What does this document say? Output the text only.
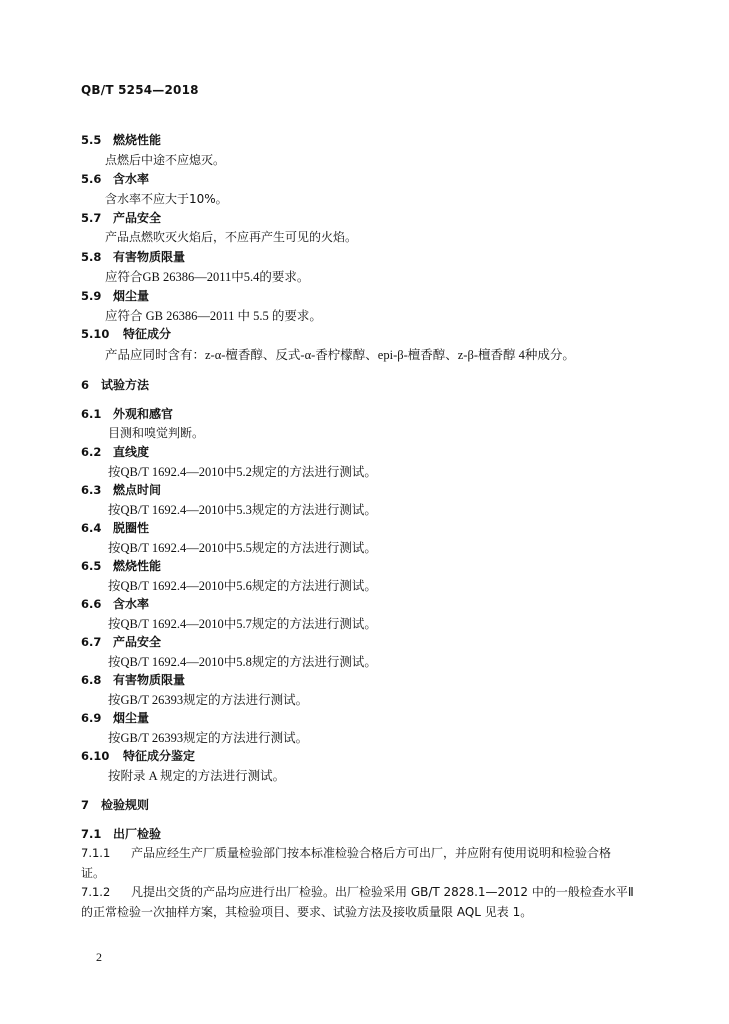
QB/T 5254—2018
5.5 燃烧性能
点燃后中途不应熄灭。
5.6 含水率
含水率不应大于10%。
5.7 产品安全
产品点燃吹灭火焰后，不应再产生可见的火焰。
5.8 有害物质限量
应符合GB 26386—2011中5.4的要求。
5.9 烟尘量
应符合 GB 26386—2011 中 5.5 的要求。
5.10 特征成分
产品应同时含有：z-α-檀香醇、反式-α-香柠檬醇、epi-β-檀香醇、z-β-檀香醇 4种成分。
6 试验方法
6.1 外观和感官
目测和嗅觉判断。
6.2 直线度
按QB/T 1692.4—2010中5.2规定的方法进行测试。
6.3 燃点时间
按QB/T 1692.4—2010中5.3规定的方法进行测试。
6.4 脱圈性
按QB/T 1692.4—2010中5.5规定的方法进行测试。
6.5 燃烧性能
按QB/T 1692.4—2010中5.6规定的方法进行测试。
6.6 含水率
按QB/T 1692.4—2010中5.7规定的方法进行测试。
6.7 产品安全
按QB/T 1692.4—2010中5.8规定的方法进行测试。
6.8 有害物质限量
按GB/T 26393规定的方法进行测试。
6.9 烟尘量
按GB/T 26393规定的方法进行测试。
6.10 特征成分鉴定
按附录 A 规定的方法进行测试。
7 检验规则
7.1 出厂检验
7.1.1 产品应经生产厂质量检验部门按本标准检验合格后方可出厂，并应附有使用说明和检验合格
证。
7.1.2 凡提出交货的产品均应进行出厂检验。出厂检验采用 GB/T 2828.1—2012 中的一般检查水平Ⅱ
的正常检验一次抽样方案，其检验项目、要求、试验方法及接收质量限 AQL 见表 1。
2
